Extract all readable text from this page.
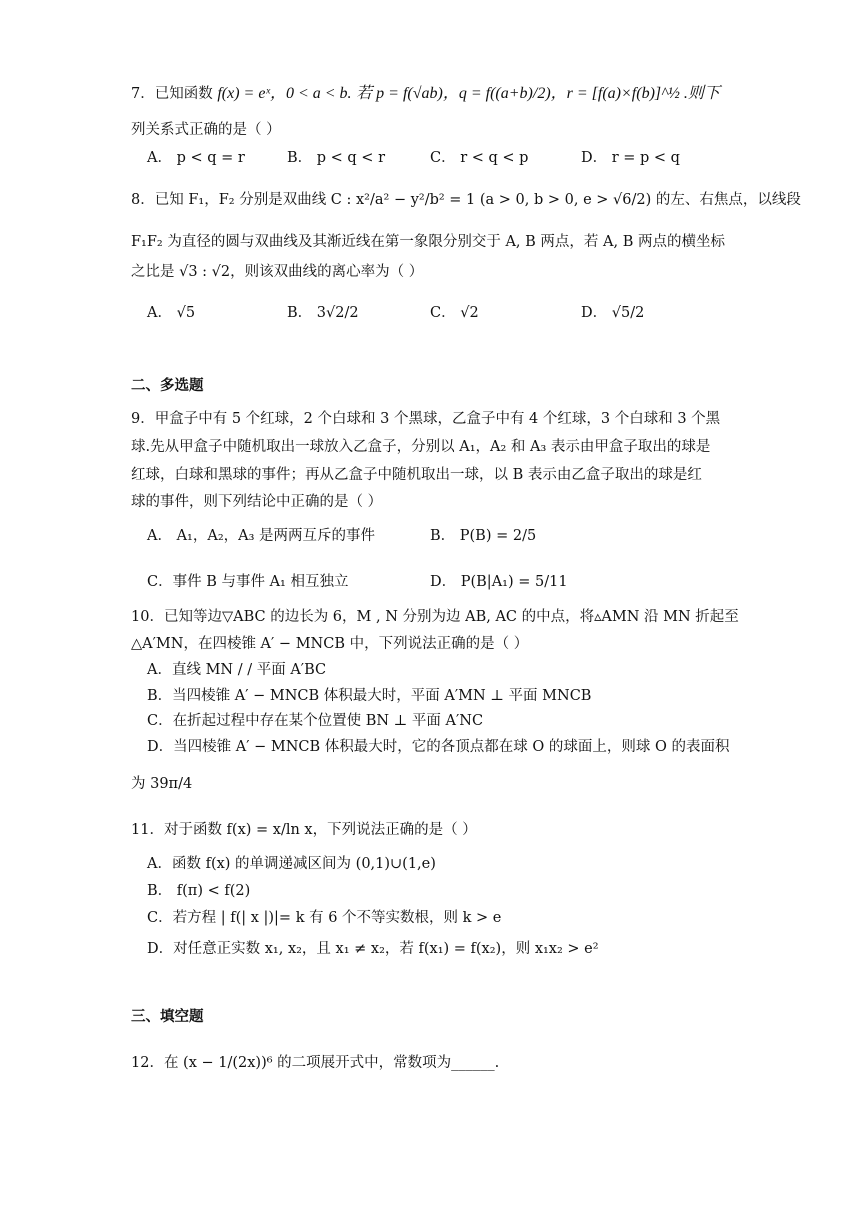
7．已知函数 f(x) = eˣ，0 < a < b. 若 p = f(√ab)，q = f((a+b)/2)，r = [f(a)×f(b)]^½ .则下
列关系式正确的是（ ）
A． p < q = r	B． p < q < r	C． r < q < p	D． r = p < q
8．已知 F₁，F₂ 分别是双曲线 C : x²/a² − y²/b² = 1 (a > 0, b > 0, e > √6/2) 的左、右焦点，以线段
F₁F₂ 为直径的圆与双曲线及其渐近线在第一象限分别交于 A, B 两点，若 A, B 两点的横坐标
之比是 √3 : √2，则该双曲线的离心率为（ ）
A． √5	B． 3√2/2	C． √2	D． √5/2
二、多选题
9．甲盒子中有 5 个红球，2 个白球和 3 个黑球，乙盒子中有 4 个红球，3 个白球和 3 个黑
球.先从甲盒子中随机取出一球放入乙盒子，分别以 A₁，A₂ 和 A₃ 表示由甲盒子取出的球是
红球，白球和黑球的事件；再从乙盒子中随机取出一球，以 B 表示由乙盒子取出的球是红
球的事件，则下列结论中正确的是（ ）
A． A₁，A₂，A₃ 是两两互斥的事件	B． P(B) = 2/5
C．事件 B 与事件 A₁ 相互独立	D． P(B|A₁) = 5/11
10．已知等边▽ABC 的边长为 6，M , N 分别为边 AB, AC 的中点，将▵AMN 沿 MN 折起至
△A′MN，在四棱锥 A′ − MNCB 中，下列说法正确的是（ ）
A．直线 MN / / 平面 A′BC
B．当四棱锥 A′ − MNCB 体积最大时，平面 A′MN ⊥ 平面 MNCB
C．在折起过程中存在某个位置使 BN ⊥ 平面 A′NC
D．当四棱锥 A′ − MNCB 体积最大时，它的各顶点都在球 O 的球面上，则球 O 的表面积
为 39π/4
11．对于函数 f(x) = x/ln x，下列说法正确的是（ ）
A．函数 f(x) 的单调递减区间为 (0,1)∪(1,e)
B． f(π) < f(2)
C．若方程 | f(| x |)|= k 有 6 个不等实数根，则 k > e
D．对任意正实数 x₁, x₂，且 x₁ ≠ x₂，若 f(x₁) = f(x₂)，则 x₁x₂ > e²
三、填空题
12．在 (x − 1/(2x))⁶ 的二项展开式中，常数项为______.
